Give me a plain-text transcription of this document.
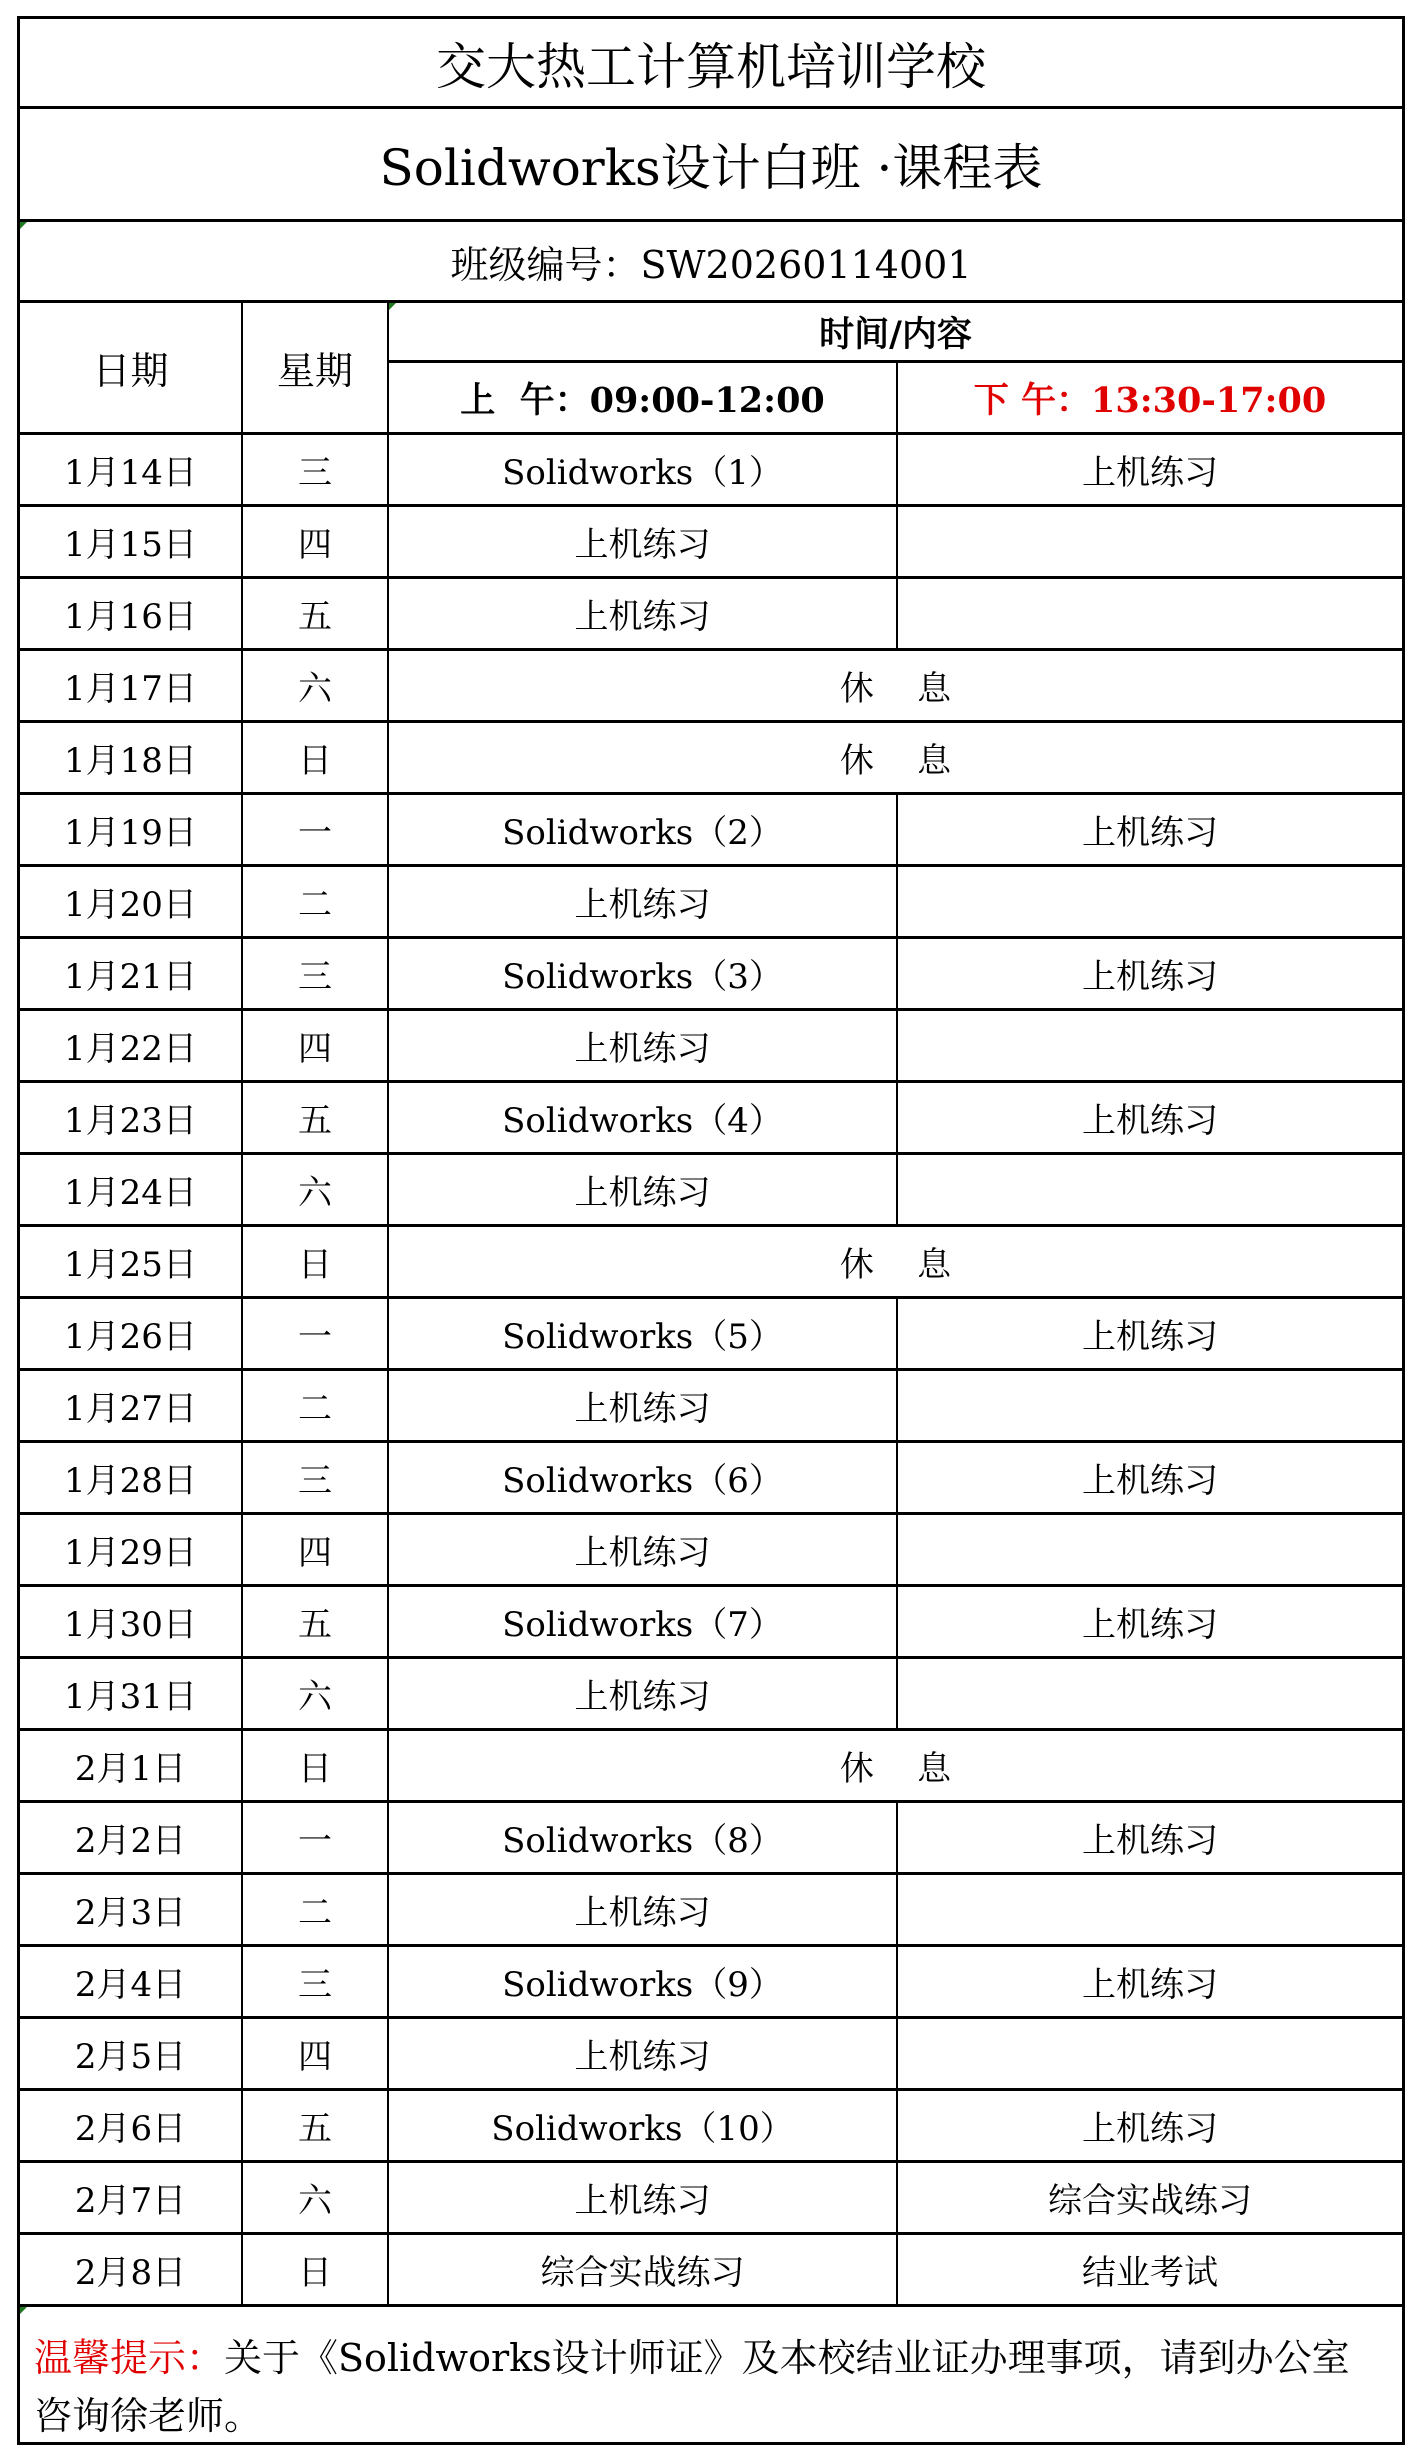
交大热工计算机培训学校
Solidworks设计白班 ·课程表
班级编号：SW20260114001
日期	星期
时间/内容
上  午：09:00-12:00	下 午：13:30-17:00
1月14日	三	Solidworks（1）	上机练习
1月15日	四	上机练习
1月16日	五	上机练习
1月17日	六	休    息
1月18日	日	休    息
1月19日	一	Solidworks（2）	上机练习
1月20日	二	上机练习
1月21日	三	Solidworks（3）	上机练习
1月22日	四	上机练习
1月23日	五	Solidworks（4）	上机练习
1月24日	六	上机练习
1月25日	日	休    息
1月26日	一	Solidworks（5）	上机练习
1月27日	二	上机练习
1月28日	三	Solidworks（6）	上机练习
1月29日	四	上机练习
1月30日	五	Solidworks（7）	上机练习
1月31日	六	上机练习
2月1日	日	休    息
2月2日	一	Solidworks（8）	上机练习
2月3日	二	上机练习
2月4日	三	Solidworks（9）	上机练习
2月5日	四	上机练习
2月6日	五	Solidworks（10）	上机练习
2月7日	六	上机练习	综合实战练习
2月8日	日	综合实战练习	结业考试
温馨提示：关于《Solidworks设计师证》及本校结业证办理事项，请到办公室咨询徐老师。
